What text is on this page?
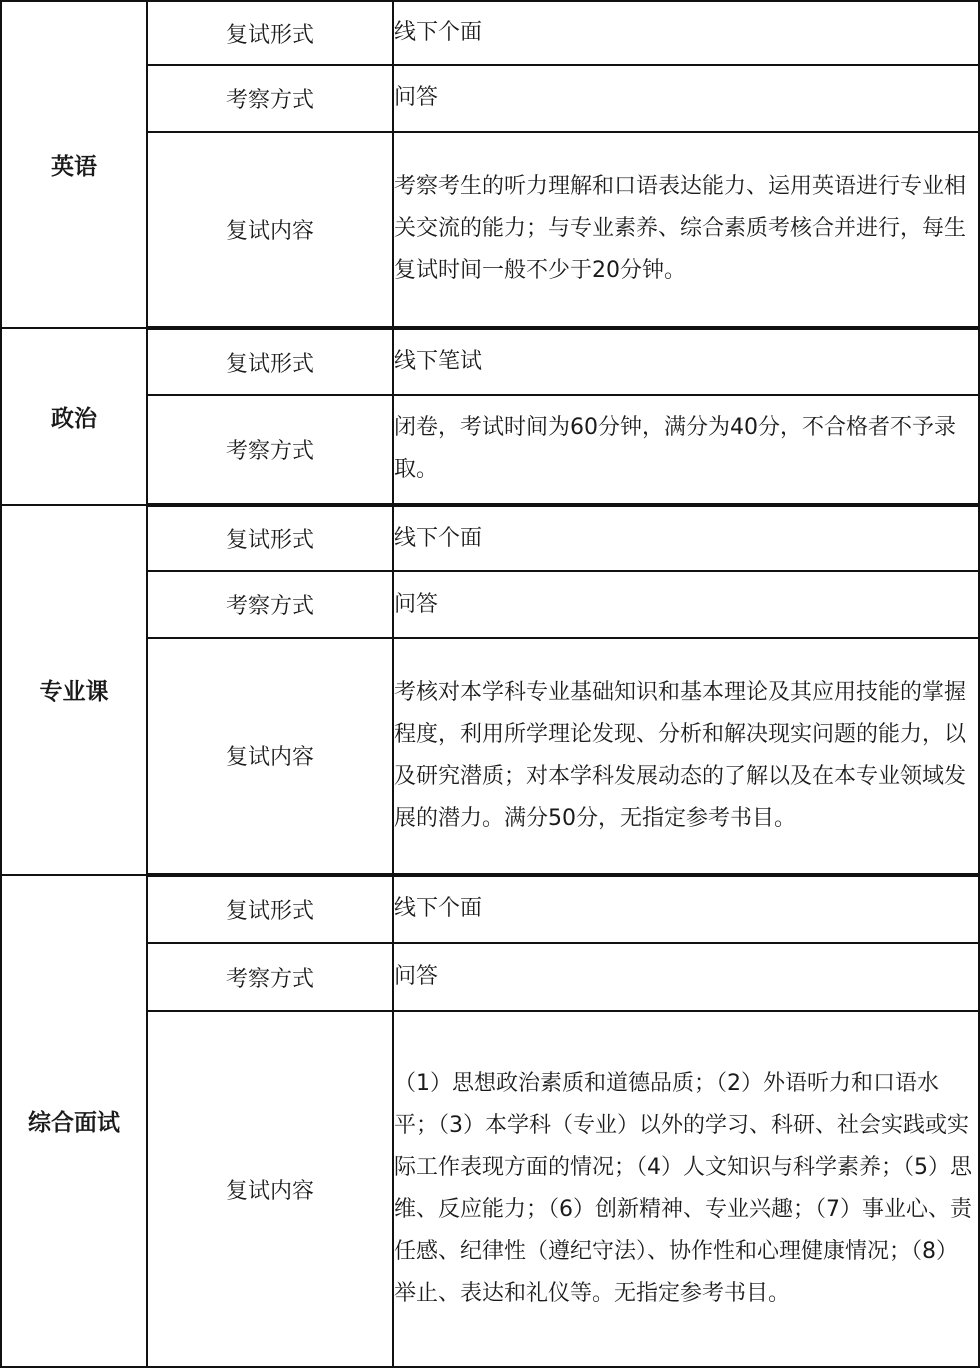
英语	复试形式	线下个面
	考察方式	问答
	复试内容	考察考生的听力理解和口语表达能力、运用英语进行专业相关交流的能力；与专业素养、综合素质考核合并进行，每生复试时间一般不少于20分钟。
政治	复试形式	线下笔试
	考察方式	闭卷，考试时间为60分钟，满分为40分，不合格者不予录取。
专业课	复试形式	线下个面
	考察方式	问答
	复试内容	考核对本学科专业基础知识和基本理论及其应用技能的掌握程度，利用所学理论发现、分析和解决现实问题的能力，以及研究潜质；对本学科发展动态的了解以及在本专业领域发展的潜力。满分50分，无指定参考书目。
综合面试	复试形式	线下个面
	考察方式	问答
	复试内容	（1）思想政治素质和道德品质；（2）外语听力和口语水平；（3）本学科（专业）以外的学习、科研、社会实践或实际工作表现方面的情况；（4）人文知识与科学素养；（5）思维、反应能力；（6）创新精神、专业兴趣；（7）事业心、责任感、纪律性（遵纪守法）、协作性和心理健康情况；（8）举止、表达和礼仪等。无指定参考书目。
